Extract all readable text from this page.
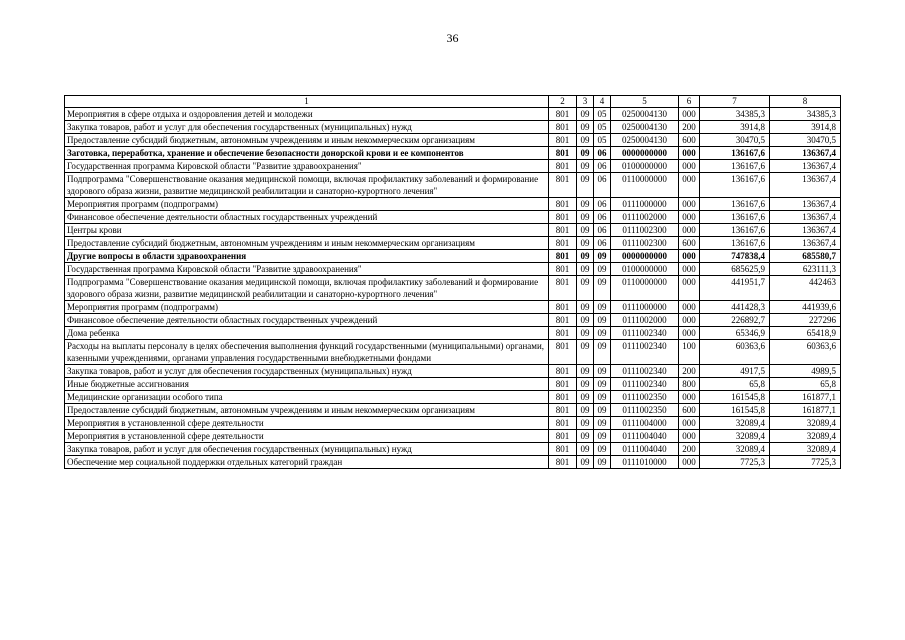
36
1	2	3	4	5	6	7	8
Мероприятия в сфере отдыха и оздоровления детей и молодежи	801	09	05	0250004130	000	34385,3	34385,3
Закупка товаров, работ и услуг для обеспечения государственных (муниципальных) нужд	801	09	05	0250004130	200	3914,8	3914,8
Предоставление субсидий бюджетным, автономным учреждениям и иным некоммерческим организациям	801	09	05	0250004130	600	30470,5	30470,5
Заготовка, переработка, хранение и обеспечение безопасности донорской крови и ее компонентов	801	09	06	0000000000	000	136167,6	136367,4
Государственная программа Кировской области "Развитие здравоохранения"	801	09	06	0100000000	000	136167,6	136367,4
Подпрограмма "Совершенствование оказания медицинской помощи, включая профилактику заболеваний и формирование здорового образа жизни, развитие медицинской реабилитации и санаторно-курортного лечения"	801	09	06	0110000000	000	136167,6	136367,4
Мероприятия программ (подпрограмм)	801	09	06	0111000000	000	136167,6	136367,4
Финансовое обеспечение деятельности областных государственных учреждений	801	09	06	0111002000	000	136167,6	136367,4
Центры крови	801	09	06	0111002300	000	136167,6	136367,4
Предоставление субсидий бюджетным, автономным учреждениям и иным некоммерческим организациям	801	09	06	0111002300	600	136167,6	136367,4
Другие вопросы в области здравоохранения	801	09	09	0000000000	000	747838,4	685580,7
Государственная программа Кировской области "Развитие здравоохранения"	801	09	09	0100000000	000	685625,9	623111,3
Подпрограмма "Совершенствование оказания медицинской помощи, включая профилактику заболеваний и формирование здорового образа жизни, развитие медицинской реабилитации и санаторно-курортного лечения"	801	09	09	0110000000	000	441951,7	442463
Мероприятия программ (подпрограмм)	801	09	09	0111000000	000	441428,3	441939,6
Финансовое обеспечение деятельности областных государственных учреждений	801	09	09	0111002000	000	226892,7	227296
Дома ребенка	801	09	09	0111002340	000	65346,9	65418,9
Расходы на выплаты персоналу в целях обеспечения выполнения функций государственными (муниципальными) органами, казенными учреждениями, органами управления государственными внебюджетными фондами	801	09	09	0111002340	100	60363,6	60363,6
Закупка товаров, работ и услуг для обеспечения государственных (муниципальных) нужд	801	09	09	0111002340	200	4917,5	4989,5
Иные бюджетные ассигнования	801	09	09	0111002340	800	65,8	65,8
Медицинские организации особого типа	801	09	09	0111002350	000	161545,8	161877,1
Предоставление субсидий бюджетным, автономным учреждениям и иным некоммерческим организациям	801	09	09	0111002350	600	161545,8	161877,1
Мероприятия в установленной сфере деятельности	801	09	09	0111004000	000	32089,4	32089,4
Мероприятия в установленной сфере деятельности	801	09	09	0111004040	000	32089,4	32089,4
Закупка товаров, работ и услуг для обеспечения государственных (муниципальных) нужд	801	09	09	0111004040	200	32089,4	32089,4
Обеспечение мер социальной поддержки отдельных категорий граждан	801	09	09	0111010000	000	7725,3	7725,3
